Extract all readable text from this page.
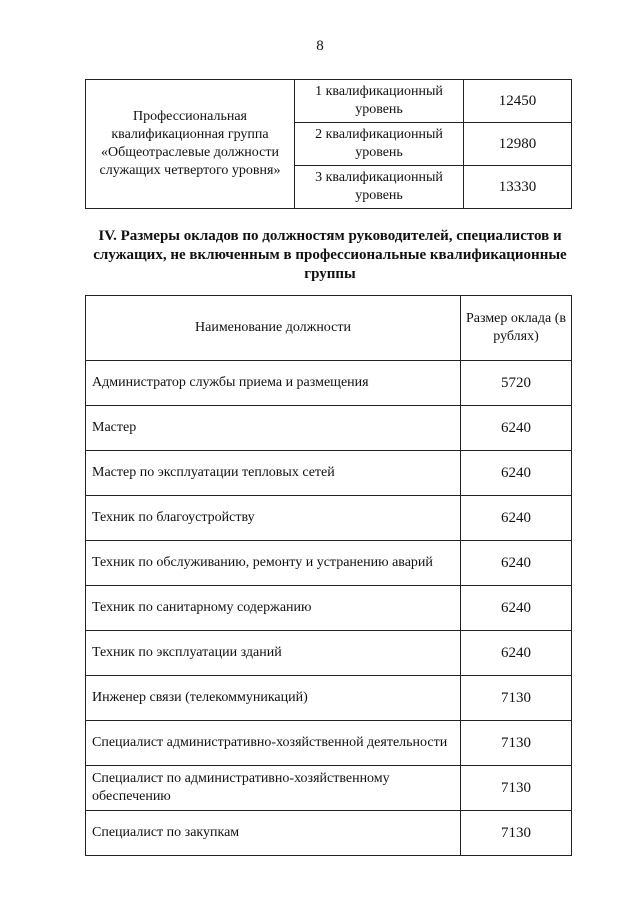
8
Профессиональная квалификационная группа «Общеотраслевые должности служащих четвертого уровня»	1 квалификационный уровень	12450
	2 квалификационный уровень	12980
	3 квалификационный уровень	13330
IV. Размеры окладов по должностям руководителей, специалистов и служащих, не включенным в профессиональные квалификационные группы
Наименование должности	Размер оклада (в рублях)
Администратор службы приема и размещения	5720
Мастер	6240
Мастер по эксплуатации тепловых сетей	6240
Техник по благоустройству	6240
Техник по обслуживанию, ремонту и устранению аварий	6240
Техник по санитарному содержанию	6240
Техник по эксплуатации зданий	6240
Инженер связи (телекоммуникаций)	7130
Специалист административно-хозяйственной деятельности	7130
Специалист по административно-хозяйственному обеспечению	7130
Специалист по закупкам	7130
